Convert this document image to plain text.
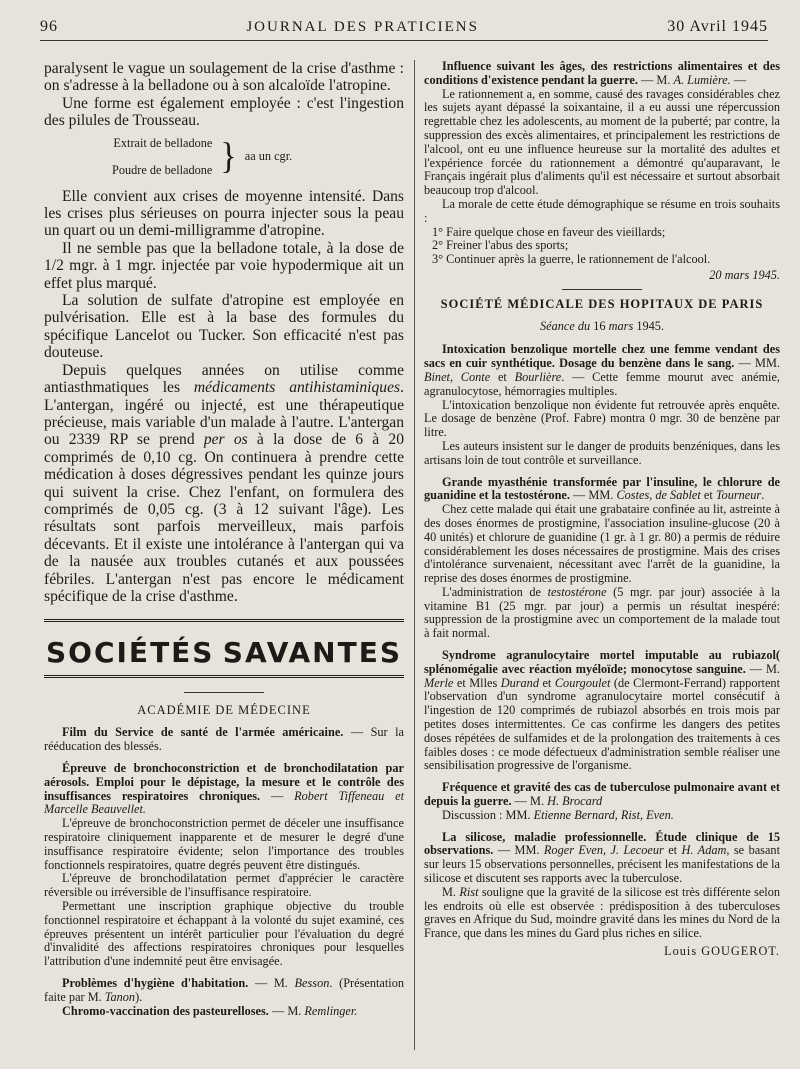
96	JOURNAL DES PRATICIENS	30 Avril 1945

paralysent le vague un soulagement de la crise d'asthme : on s'adresse à la belladone ou à son alcaloïde l'atropine.

Une forme est également employée : c'est l'ingestion des pilules de Trousseau.

Extrait de belladone
Poudre de belladone } aa un cgr.

Elle convient aux crises de moyenne intensité. Dans les crises plus sérieuses on pourra injecter sous la peau un quart ou un demi-milligramme d'atropine.

Il ne semble pas que la belladone totale, à la dose de 1/2 mgr. à 1 mgr. injectée par voie hypodermique ait un effet plus marqué.

La solution de sulfate d'atropine est employée en pulvérisation. Elle est à la base des formules du spécifique Lancelot ou Tucker. Son efficacité n'est pas douteuse.

Depuis quelques années on utilise comme antiasthmatiques les médicaments antihistaminiques. L'antergan, ingéré ou injecté, est une thérapeutique précieuse, mais variable d'un malade à l'autre. L'antergan ou 2339 RP se prend per os à la dose de 6 à 20 comprimés de 0,10 cg. On continuera à prendre cette médication à doses dégressives pendant les quinze jours qui suivent la crise. Chez l'enfant, on formulera des comprimés de 0,05 cg. (3 à 12 suivant l'âge). Les résultats sont parfois merveilleux, mais parfois décevants. Et il existe une intolérance à l'antergan qui va de la nausée aux troubles cutanés et aux poussées fébriles. L'antergan n'est pas encore le médicament spécifique de la crise d'asthme.

SOCIÉTÉS SAVANTES
ACADÉMIE DE MÉDECINE

Film du Service de santé de l'armée américaine. — Sur la rééducation des blessés.

Épreuve de bronchoconstriction et de bronchodilatation par aérosols. Emploi pour le dépistage, la mesure et le contrôle des insuffisances respiratoires chroniques. — Robert Tiffeneau et Marcelle Beauvellet.

L'épreuve de bronchoconstriction permet de déceler une insuffisance respiratoire cliniquement inapparente et de mesurer le degré d'une insuffisance respiratoire évidente; selon l'importance des troubles fonctionnels respiratoires, quatre degrés peuvent être distingués.

L'épreuve de bronchodilatation permet d'apprécier le caractère réversible ou irréversible de l'insuffisance respiratoire.

Permettant une inscription graphique objective du trouble fonctionnel respiratoire et échappant à la volonté du sujet examiné, ces épreuves présentent un intérêt particulier pour l'évaluation du degré d'invalidité des affections respiratoires chroniques pour lesquelles l'attribution d'une indemnité peut être envisagée.

Problèmes d'hygiène d'habitation. — M. Besson. (Présentation faite par M. Tanon).

Chromo-vaccination des pasteurelloses. — M. Remlinger.

Influence suivant les âges, des restrictions alimentaires et des conditions d'existence pendant la guerre. — M. A. Lumière. —

Le rationnement a, en somme, causé des ravages considérables chez les sujets ayant dépassé la soixantaine, il a eu aussi une répercussion regrettable chez les adolescents, au moment de la puberté; par contre, la suppression des excès alimentaires, et principalement les restrictions de l'alcool, ont eu une influence heureuse sur la mortalité des adultes et l'expérience forcée du rationnement a démontré qu'auparavant, le Français ingérait plus d'aliments qu'il est nécessaire et surtout absorbait beaucoup trop d'alcool.

La morale de cette étude démographique se résume en trois souhaits :

1° Faire quelque chose en faveur des vieillards;

2° Freiner l'abus des sports;

3° Continuer après la guerre, le rationnement de l'alcool.

20 mars 1945.

SOCIÉTÉ MÉDICALE DES HOPITAUX DE PARIS
Séance du 16 mars 1945.

Intoxication benzolique mortelle chez une femme vendant des sacs en cuir synthétique. Dosage du benzène dans le sang. — MM. Binet, Conte et Bourlière. — Cette femme mourut avec anémie, agranulocytose, hémorragies multiples.

L'intoxication benzolique non évidente fut retrouvée après enquête. Le dosage de benzène (Prof. Fabre) montra 0 mgr. 30 de benzène par litre.

Les auteurs insistent sur le danger de produits benzéniques, dans les artisans loin de tout contrôle et surveillance.

Grande myasthénie transformée par l'insuline, le chlorure de guanidine et la testostérone. — MM. Costes, de Sablet et Tourneur.

Chez cette malade qui était une grabataire confinée au lit, astreinte à des doses énormes de prostigmine, l'association insuline-glucose (20 à 40 unités) et chlorure de guanidine (1 gr. à 1 gr. 80) a permis de réduire considérablement les doses nécessaires de prostigmine. Mais des crises d'intolérance survenaient, nécessitant avec l'arrêt de la guanidine, la reprise des doses énormes de prostigmine.

L'administration de testostérone (5 mgr. par jour) associée à la vitamine B1 (25 mgr. par jour) a permis un résultat inespéré: suppression de la prostigmine avec un comportement de la malade tout à fait normal.

Syndrome agranulocytaire mortel imputable au rubiazol( splénomégalie avec réaction myéloïde; monocytose sanguine. — M. Merle et Mlles Durand et Courgoulet (de Clermont-Ferrand) rapportent l'observation d'un syndrome agranulocytaire mortel consécutif à l'ingestion de 120 comprimés de rubiazol absorbés en trois mois par petites doses intermittentes. Ce cas confirme les dangers des petites doses répétées de sulfamides et de la prolongation des traitements à ces faibles doses : ce mode défectueux d'administration semble réaliser une sensibilisation progressive de l'organisme.

Fréquence et gravité des cas de tuberculose pulmonaire avant et depuis la guerre. — M. H. Brocard

Discussion : MM. Etienne Bernard, Rist, Even.

La silicose, maladie professionnelle. Étude clinique de 15 observations. — MM. Roger Even, J. Lecoeur et H. Adam, se basant sur leurs 15 observations personnelles, précisent les manifestations de la silicose et discutent ses rapports avec la tuberculose.

M. Rist souligne que la gravité de la silicose est très différente selon les endroits où elle est observée : prédisposition à des tuberculoses graves en Afrique du Sud, moindre gravité dans les mines du Nord de la France, que dans les mines du Gard plus riches en silice.

Louis GOUGEROT.
